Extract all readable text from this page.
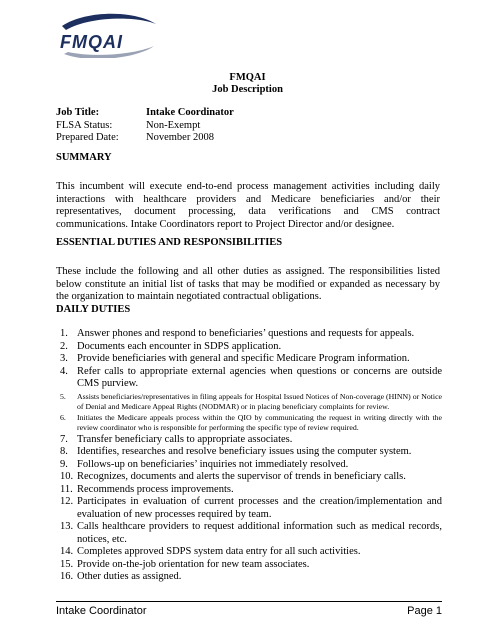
FMQAI
FMQAI
Job Description
Job Title:	Intake Coordinator
FLSA Status:	Non-Exempt
Prepared Date:	November 2008
SUMMARY
This incumbent will execute end-to-end process management activities including daily interactions with healthcare providers and Medicare beneficiaries and/or their representatives, document processing, data verifications and CMS contract communications. Intake Coordinators report to Project Director and/or designee.
ESSENTIAL DUTIES AND RESPONSIBILITIES
These include the following and all other duties as assigned. The responsibilities listed below constitute an initial list of tasks that may be modified or expanded as necessary by the organization to maintain negotiated contractual obligations.
DAILY DUTIES
1. Answer phones and respond to beneficiaries’ questions and requests for appeals.
2. Documents each encounter in SDPS application.
3. Provide beneficiaries with general and specific Medicare Program information.
4. Refer calls to appropriate external agencies when questions or concerns are outside CMS purview.
5.	Assists beneficiaries/representatives in filing appeals for Hospital Issued Notices of Non-coverage (HINN) or Notice of Denial and Medicare Appeal Rights (NODMAR) or in placing beneficiary complaints for review.
6.	Initiates the Medicare appeals process within the QIO by communicating the request in writing directly with the review coordinator who is responsible for performing the specific type of review required.
7. Transfer beneficiary calls to appropriate associates.
8. Identifies, researches and resolve beneficiary issues using the computer system.
9. Follows-up on beneficiaries’ inquiries not immediately resolved.
10. Recognizes, documents and alerts the supervisor of trends in beneficiary calls.
11. Recommends process improvements.
12. Participates in evaluation of current processes and the creation/implementation and evaluation of new processes required by team.
13. Calls healthcare providers to request additional information such as medical records, notices, etc.
14. Completes approved SDPS system data entry for all such activities.
15. Provide on-the-job orientation for new team associates.
16. Other duties as assigned.
Intake Coordinator	Page 1
